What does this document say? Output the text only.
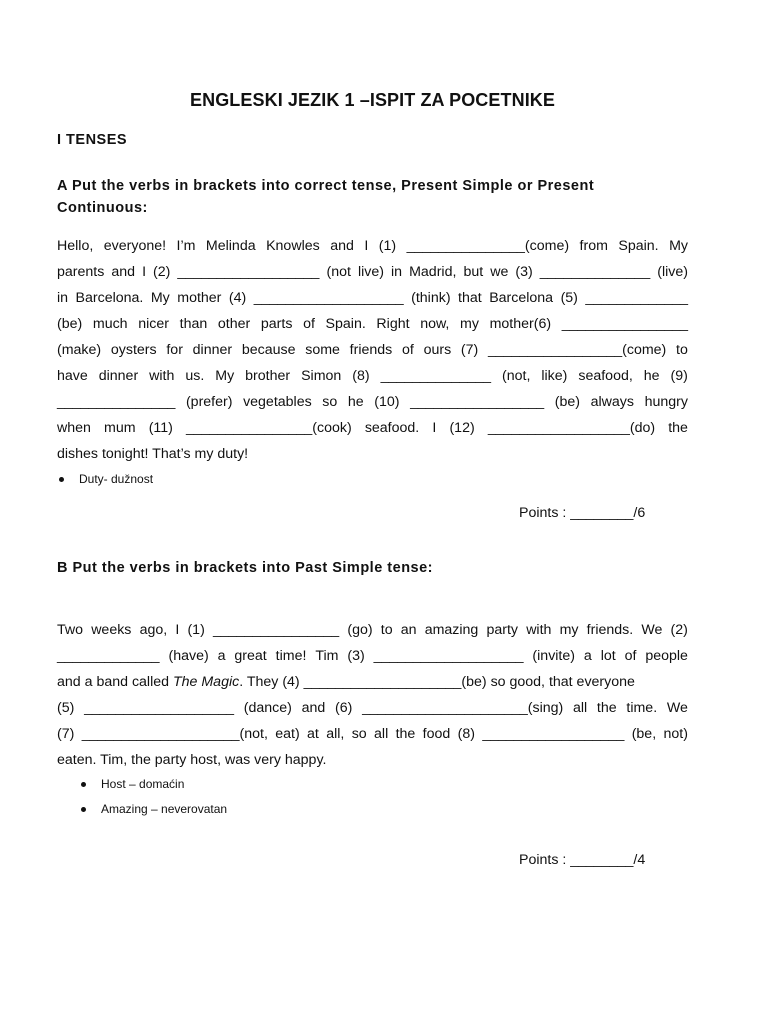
ENGLESKI JEZIK 1 –ISPIT ZA POCETNIKE
I TENSES
A Put the verbs in brackets into correct tense, Present Simple or Present
Continuous:

Hello, everyone! I’m Melinda Knowles and I (1) _______________(come) from Spain. My

parents and I (2) __________________ (not live) in Madrid, but we (3) ______________ (live)

in Barcelona. My mother (4) ___________________ (think) that Barcelona (5) _____________

(be) much nicer than other parts of Spain. Right now, my mother(6) ________________

(make) oysters for dinner because some friends of ours (7) _________________(come) to

have dinner with us. My brother Simon (8) ______________ (not, like) seafood, he (9)

_______________ (prefer) vegetables so he (10) _________________ (be) always hungry

when mum (11) ________________(cook) seafood. I (12) __________________(do) the

dishes tonight! That’s my duty!

Duty- dužnost
Points : ________/6
B Put the verbs in brackets into Past Simple tense:

Two weeks ago, I (1) ________________ (go) to an amazing party with my friends. We (2)

_____________ (have) a great time! Tim (3) ___________________ (invite) a lot of people

and a band called The Magic. They (4) ____________________(be) so good, that everyone

(5) ___________________ (dance) and (6) _____________________(sing) all the time. We

(7) ____________________(not, eat) at all, so all the food (8) __________________ (be, not)

eaten. Tim, the party host, was very happy.

Host – domaćin
Amazing – neverovatan
Points : ________/4
